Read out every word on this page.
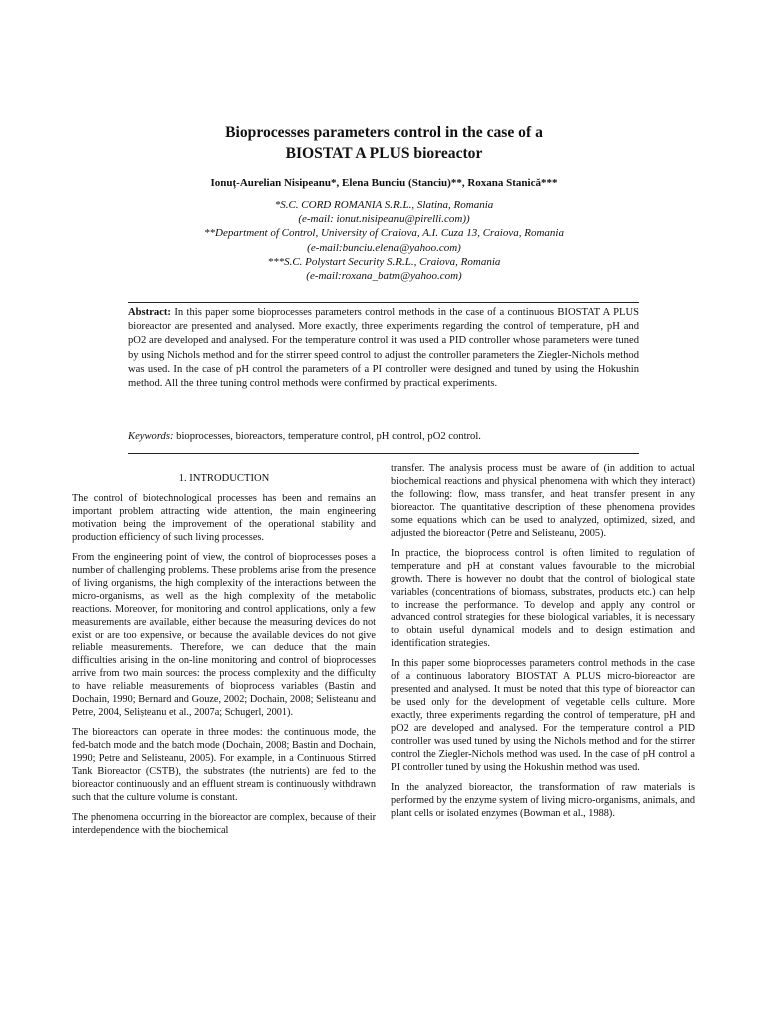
Bioprocesses parameters control in the case of a
BIOSTAT A PLUS bioreactor
Ionuț-Aurelian Nisipeanu*, Elena Bunciu (Stanciu)**, Roxana Stanică***
*S.C. CORD ROMANIA S.R.L., Slatina, Romania
(e-mail: ionut.nisipeanu@pirelli.com))
**Department of Control, University of Craiova, A.I. Cuza 13, Craiova, Romania
(e-mail:bunciu.elena@yahoo.com)
***S.C. Polystart Security S.R.L., Craiova, Romania
(e-mail:roxana_batm@yahoo.com)
Abstract: In this paper some bioprocesses parameters control methods in the case of a continuous BIOSTAT A PLUS bioreactor are presented and analysed. More exactly, three experiments regarding the control of temperature, pH and pO2 are developed and analysed. For the temperature control it was used a PID controller whose parameters were tuned by using Nichols method and for the stirrer speed control to adjust the controller parameters the Ziegler-Nichols method was used. In the case of pH control the parameters of a PI controller were designed and tuned by using the Hokushin method. All the three tuning control methods were confirmed by practical experiments.
Keywords: bioprocesses, bioreactors, temperature control, pH control, pO2 control.
1. INTRODUCTION

The control of biotechnological processes has been and remains an important problem attracting wide attention, the main engineering motivation being the improvement of the operational stability and production efficiency of such living processes.

From the engineering point of view, the control of bioprocesses poses a number of challenging problems. These problems arise from the presence of living organisms, the high complexity of the interactions between the micro-organisms, as well as the high complexity of the metabolic reactions. Moreover, for monitoring and control applications, only a few measurements are available, either because the measuring devices do not exist or are too expensive, or because the available devices do not give reliable measurements. Therefore, we can deduce that the main difficulties arising in the on-line monitoring and control of bioprocesses arrive from two main sources: the process complexity and the difficulty to have reliable measurements of bioprocess variables (Bastin and Dochain, 1990; Bernard and Gouze, 2002; Dochain, 2008; Selisteanu and Petre, 2004, Selișteanu et al., 2007a; Schugerl, 2001).

The bioreactors can operate in three modes: the continuous mode, the fed-batch mode and the batch mode (Dochain, 2008; Bastin and Dochain, 1990; Petre and Selisteanu, 2005). For example, in a Continuous Stirred Tank Bioreactor (CSTB), the substrates (the nutrients) are fed to the bioreactor continuously and an effluent stream is continuously withdrawn such that the culture volume is constant.

The phenomena occurring in the bioreactor are complex, because of their interdependence with the biochemical

transfer. The analysis process must be aware of (in addition to actual biochemical reactions and physical phenomena with which they interact) the following: flow, mass transfer, and heat transfer present in any bioreactor. The quantitative description of these phenomena provides some equations which can be used to analyzed, optimized, sized, and adjusted the bioreactor (Petre and Selisteanu, 2005).

In practice, the bioprocess control is often limited to regulation of temperature and pH at constant values favourable to the microbial growth. There is however no doubt that the control of biological state variables (concentrations of biomass, substrates, products etc.) can help to increase the performance. To develop and apply any control or advanced control strategies for these biological variables, it is necessary to obtain useful dynamical models and to design estimation and identification strategies.

In this paper some bioprocesses parameters control methods in the case of a continuous laboratory BIOSTAT A PLUS micro-bioreactor are presented and analysed. It must be noted that this type of bioreactor can be used only for the development of vegetable cells culture. More exactly, three experiments regarding the control of temperature, pH and pO2 are developed and analysed. For the temperature control a PID controller was used tuned by using the Nichols method and for the stirrer control the Ziegler-Nichols method was used. In the case of pH control a PI controller tuned by using the Hokushin method was used.

In the analyzed bioreactor, the transformation of raw materials is performed by the enzyme system of living micro-organisms, animals, and plant cells or isolated enzymes (Bowman et al., 1988).
